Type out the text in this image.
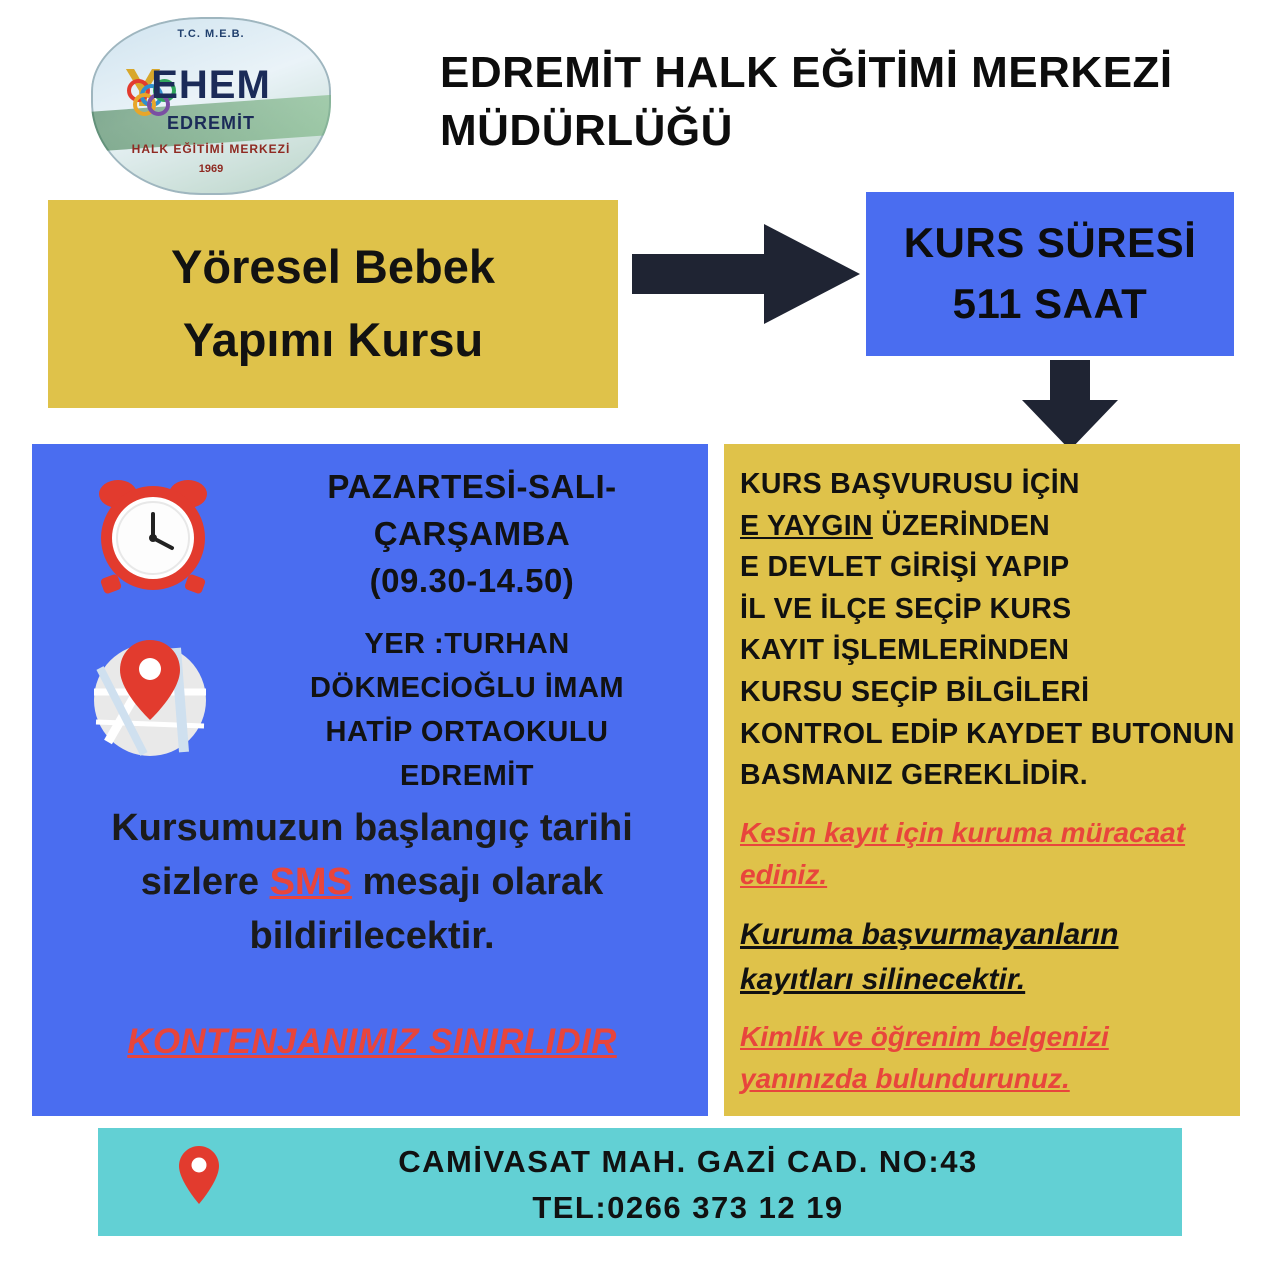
T.C. M.E.B.
Y
EHEM
EDREMİT
HALK EĞİTİMİ MERKEZİ
1969
EDREMİT HALK EĞİTİMİ MERKEZİ MÜDÜRLÜĞÜ
Yöresel Bebek
Yapımı Kursu
KURS SÜRESİ
511 SAAT
PAZARTESİ-SALI-
ÇARŞAMBA
(09.30-14.50)
YER :TURHAN
DÖKMECİOĞLU İMAM
HATİP ORTAOKULU
EDREMİT
Kursumuzun başlangıç tarihi sizlere SMS mesajı olarak bildirilecektir.
KONTENJANIMIZ SINIRLIDIR
KURS BAŞVURUSU İÇİN
E YAYGIN ÜZERİNDEN
E DEVLET GİRİŞİ YAPIP
İL VE İLÇE SEÇİP KURS
KAYIT İŞLEMLERİNDEN
KURSU SEÇİP BİLGİLERİ
KONTROL EDİP KAYDET BUTONUN
BASMANIZ GEREKLİDİR.
Kesin kayıt için kuruma müracaat ediniz.
Kuruma başvurmayanların kayıtları silinecektir.
Kimlik ve öğrenim belgenizi yanınızda bulundurunuz.
CAMİVASAT MAH. GAZİ CAD. NO:43
TEL:0266 373 12 19
